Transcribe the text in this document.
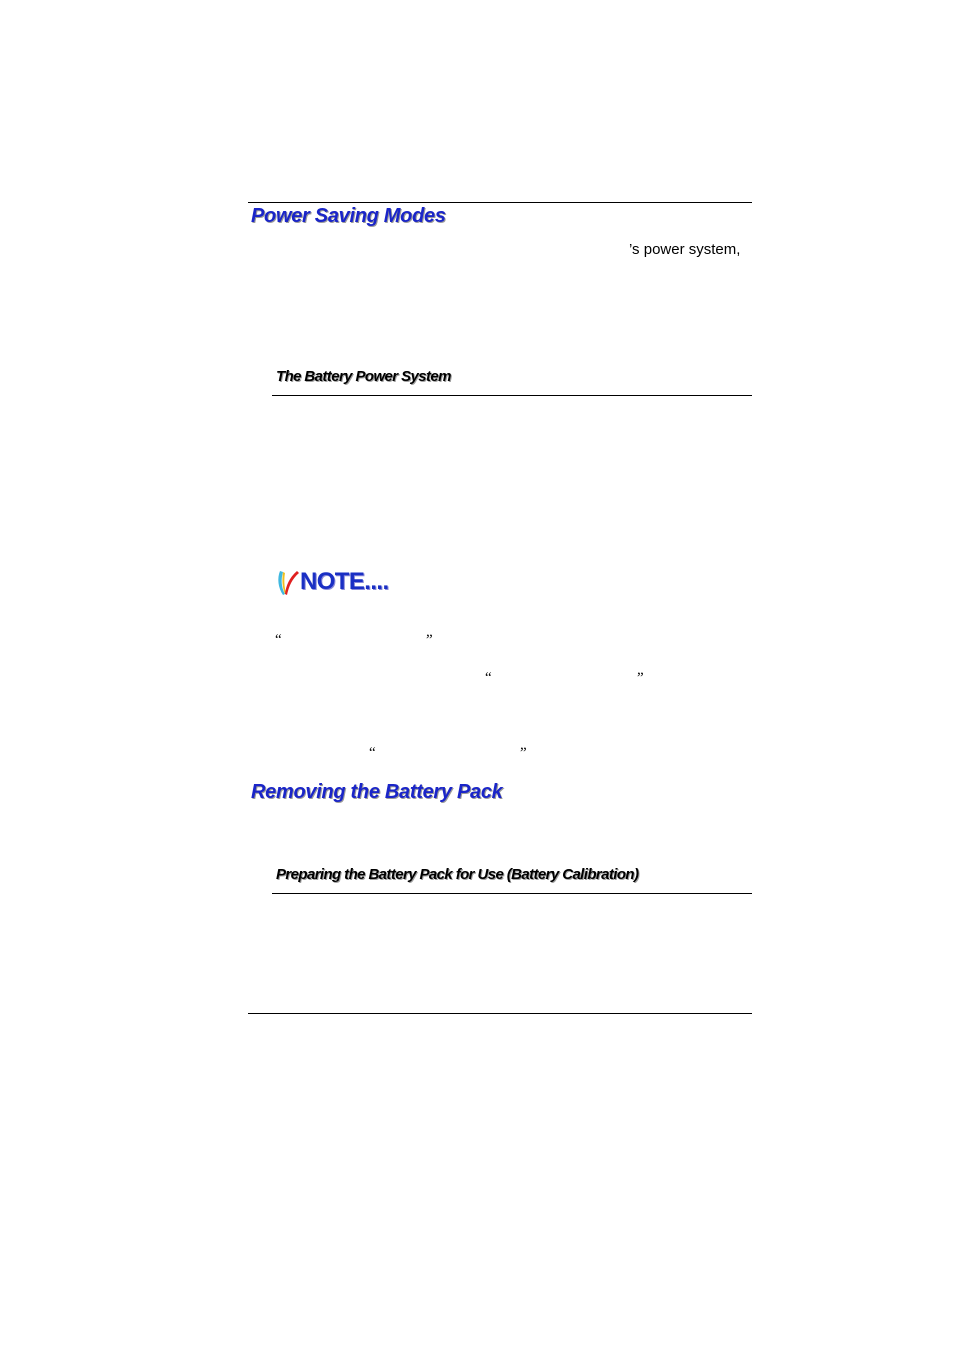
Power Saving Modes

’s power system,

The Battery Power System
NOTE....
“	”
“	”
“	”
Removing the Battery Pack
Preparing the Battery Pack for Use (Battery Calibration)
